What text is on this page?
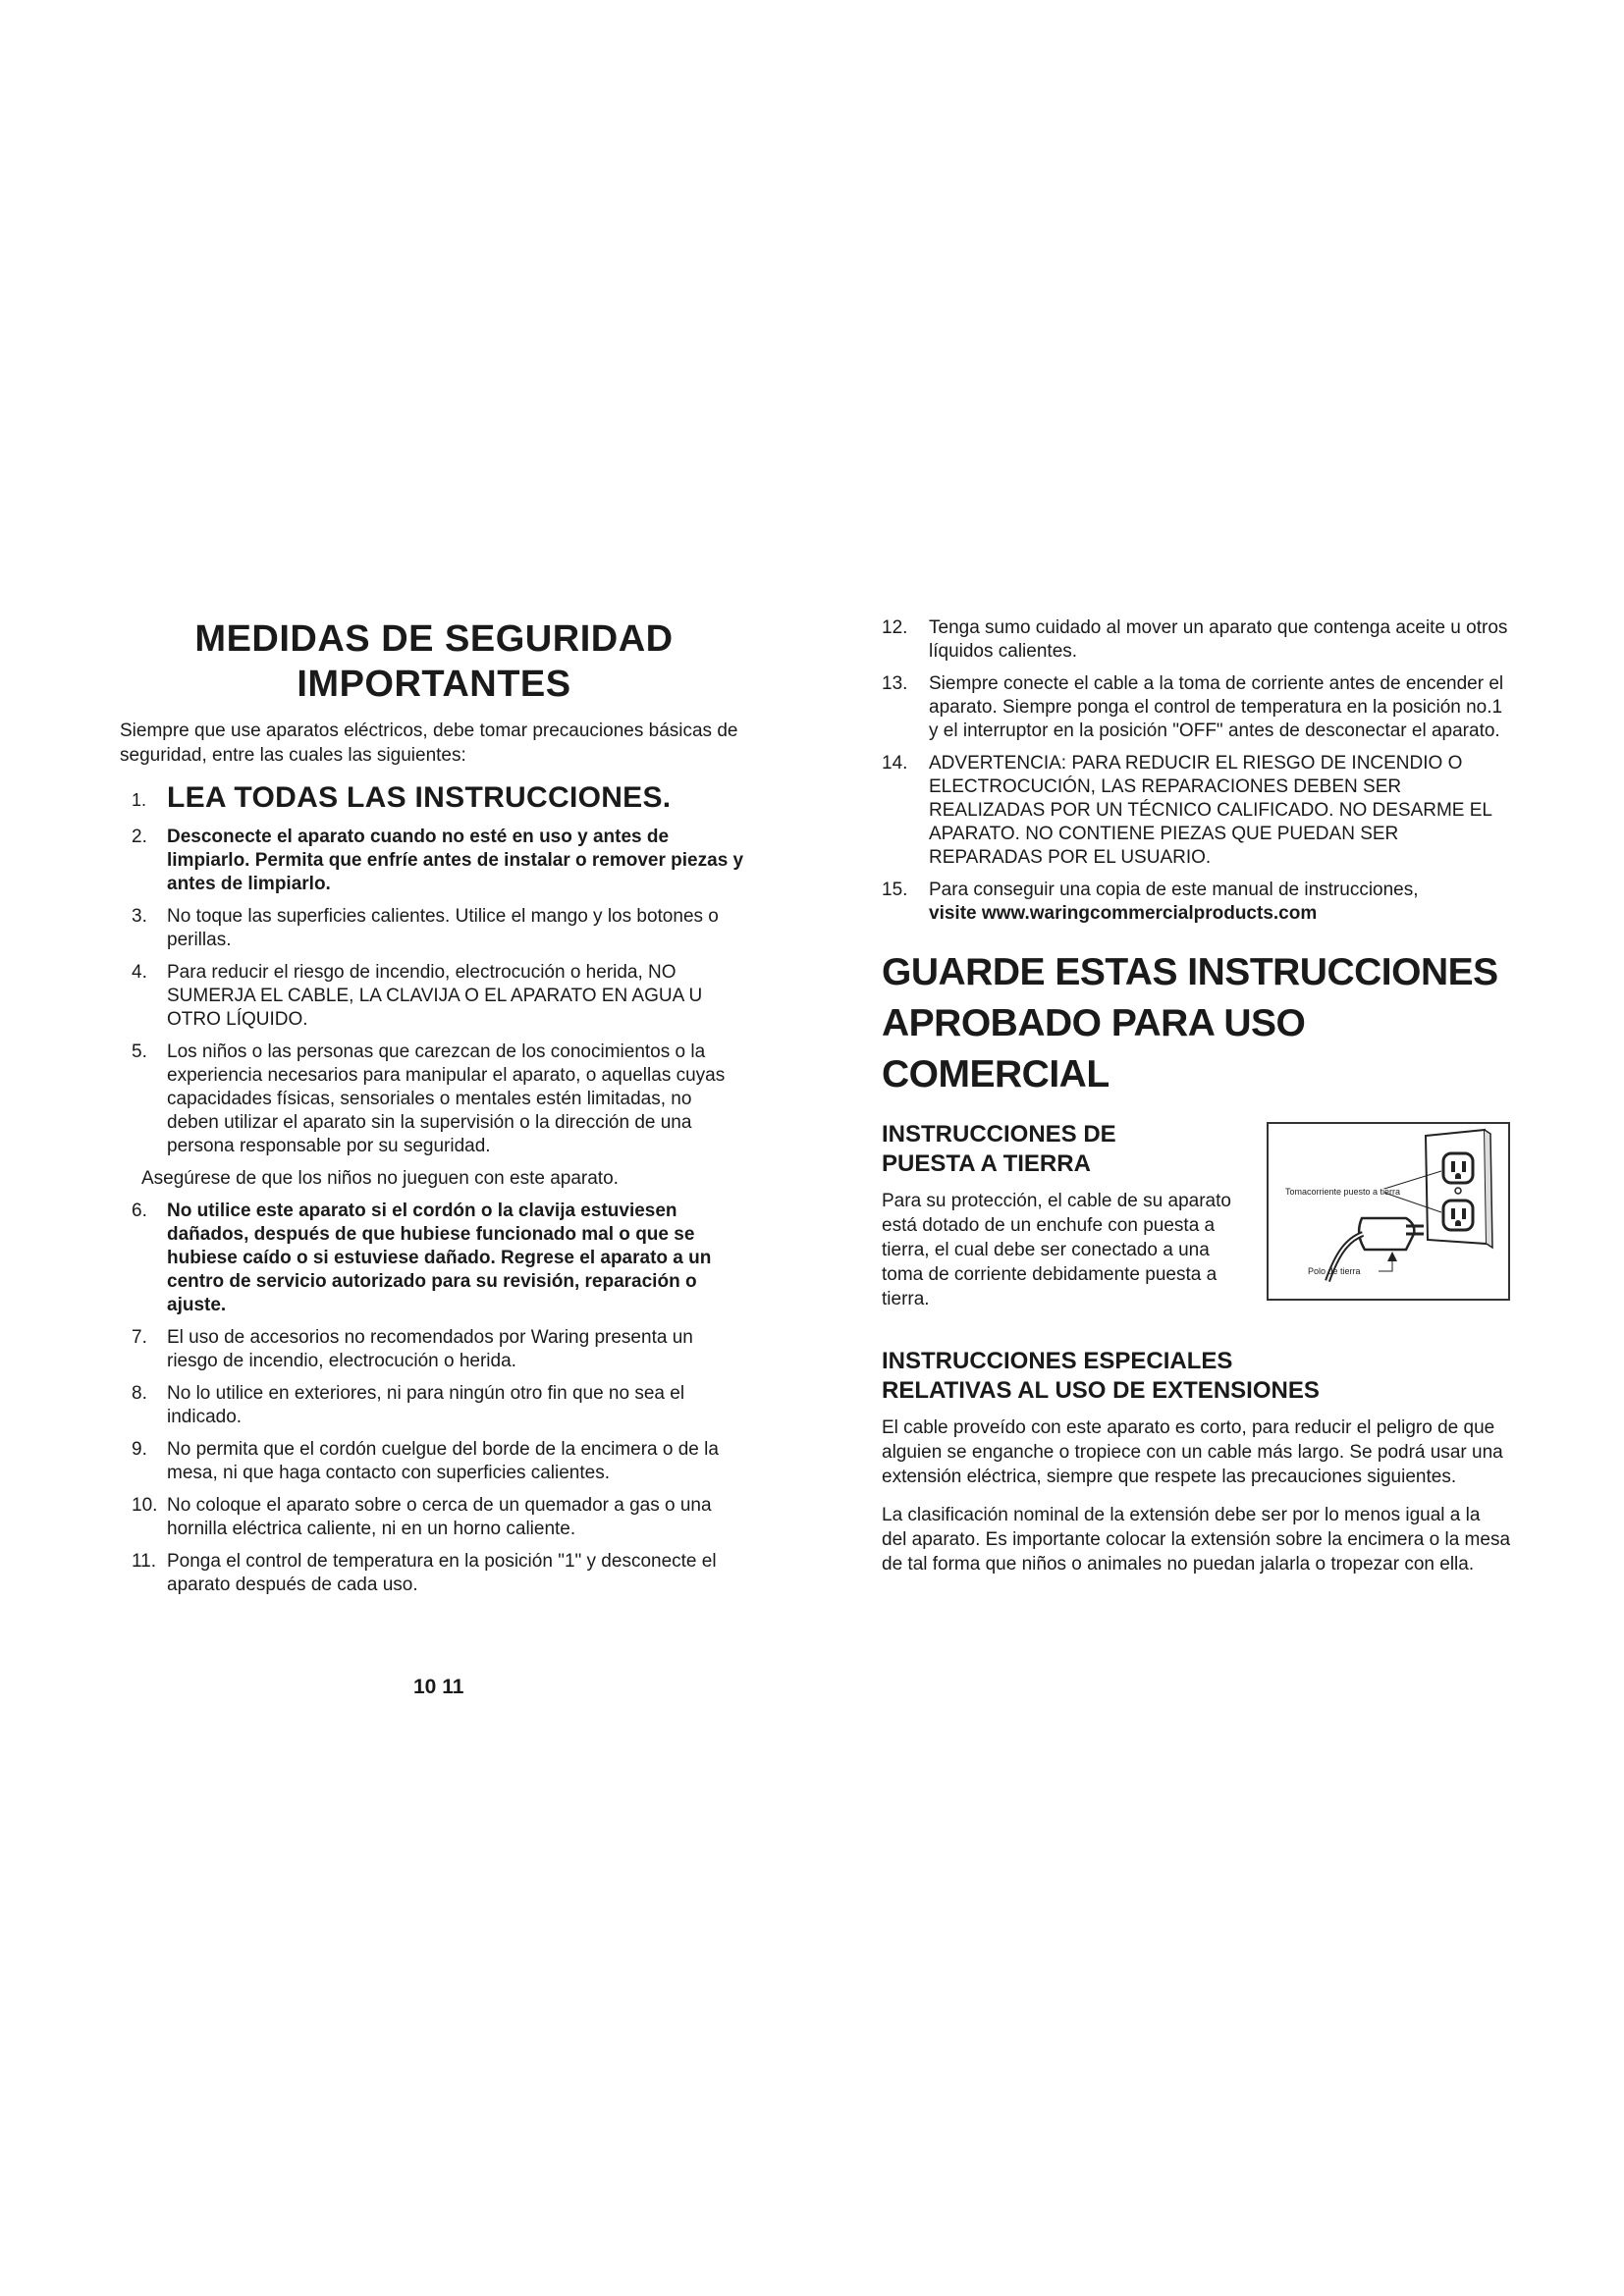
MEDIDAS DE SEGURIDAD
IMPORTANTES

Siempre que use aparatos eléctricos, debe tomar precauciones básicas de seguridad, entre las cuales las siguientes:

1. LEA TODAS LAS INSTRUCCIONES.
2.	Desconecte el aparato cuando no esté en uso y antes de limpiarlo. Permita que enfríe antes de instalar o remover piezas y antes de limpiarlo.
3.	No toque las superficies calientes. Utilice el mango y los botones o perillas.
4.	Para reducir el riesgo de incendio, electrocución o herida, NO SUMERJA EL CABLE, LA CLAVIJA O EL APARATO EN AGUA U OTRO LÍQUIDO.
5.	Los niños o las personas que carezcan de los conocimientos o la experiencia necesarios para manipular el aparato, o aquellas cuyas capacidades físicas, sensoriales o mentales estén limitadas, no deben utilizar el aparato sin la supervisión o la dirección de una persona responsable por su seguridad.
Asegúrese de que los niños no jueguen con este aparato.
6.	No utilice este aparato si el cordón o la clavija estuviesen dañados, después de que hubiese funcionado mal o que se hubiese caído o si estuviese dañado. Regrese el aparato a un centro de servicio autorizado para su revisión, reparación o ajuste.
7.	El uso de accesorios no recomendados por Waring presenta un riesgo de incendio, electrocución o herida.
8.	No lo utilice en exteriores, ni para ningún otro fin que no sea el indicado.
9.	No permita que el cordón cuelgue del borde de la encimera o de la mesa, ni que haga contacto con superficies calientes.
10. No coloque el aparato sobre o cerca de un quemador a gas o una hornilla eléctrica caliente, ni en un horno caliente.
11. Ponga el control de temperatura en la posición "1" y desconecte el aparato después de cada uso.
10 11
12.	Tenga sumo cuidado al mover un aparato que contenga aceite u otros líquidos calientes.
13.	Siempre conecte el cable a la toma de corriente antes de encender el aparato. Siempre ponga el control de temperatura en la posición no.1 y el interruptor en la posición "OFF" antes de desconectar el aparato.
14.	ADVERTENCIA: PARA REDUCIR EL RIESGO DE INCENDIO O ELECTROCUCIÓN, LAS REPARACIONES DEBEN SER REALIZADAS POR UN TÉCNICO CALIFICADO. NO DESARME EL APARATO. NO CONTIENE PIEZAS QUE PUEDAN SER REPARADAS POR EL USUARIO.
15.	Para conseguir una copia de este manual de instrucciones,
visite www.waringcommercialproducts.com
GUARDE ESTAS INSTRUCCIONES
APROBADO PARA USO COMERCIAL
INSTRUCCIONES DE
PUESTA A TIERRA

Para su protección, el cable de su aparato está dotado de un enchufe con puesta a tierra, el cual debe ser conectado a una toma de corriente debidamente puesta a tierra.

Tomacorriente puesto a tierra
Polo de tierra
INSTRUCCIONES ESPECIALES
RELATIVAS AL USO DE EXTENSIONES

El cable proveído con este aparato es corto, para reducir el peligro de que alguien se enganche o tropiece con un cable más largo. Se podrá usar una extensión eléctrica, siempre que respete las precauciones siguientes.

La clasificación nominal de la extensión debe ser por lo menos igual a la del aparato. Es importante colocar la extensión sobre la encimera o la mesa de tal forma que niños o animales no puedan jalarla o tropezar con ella.
